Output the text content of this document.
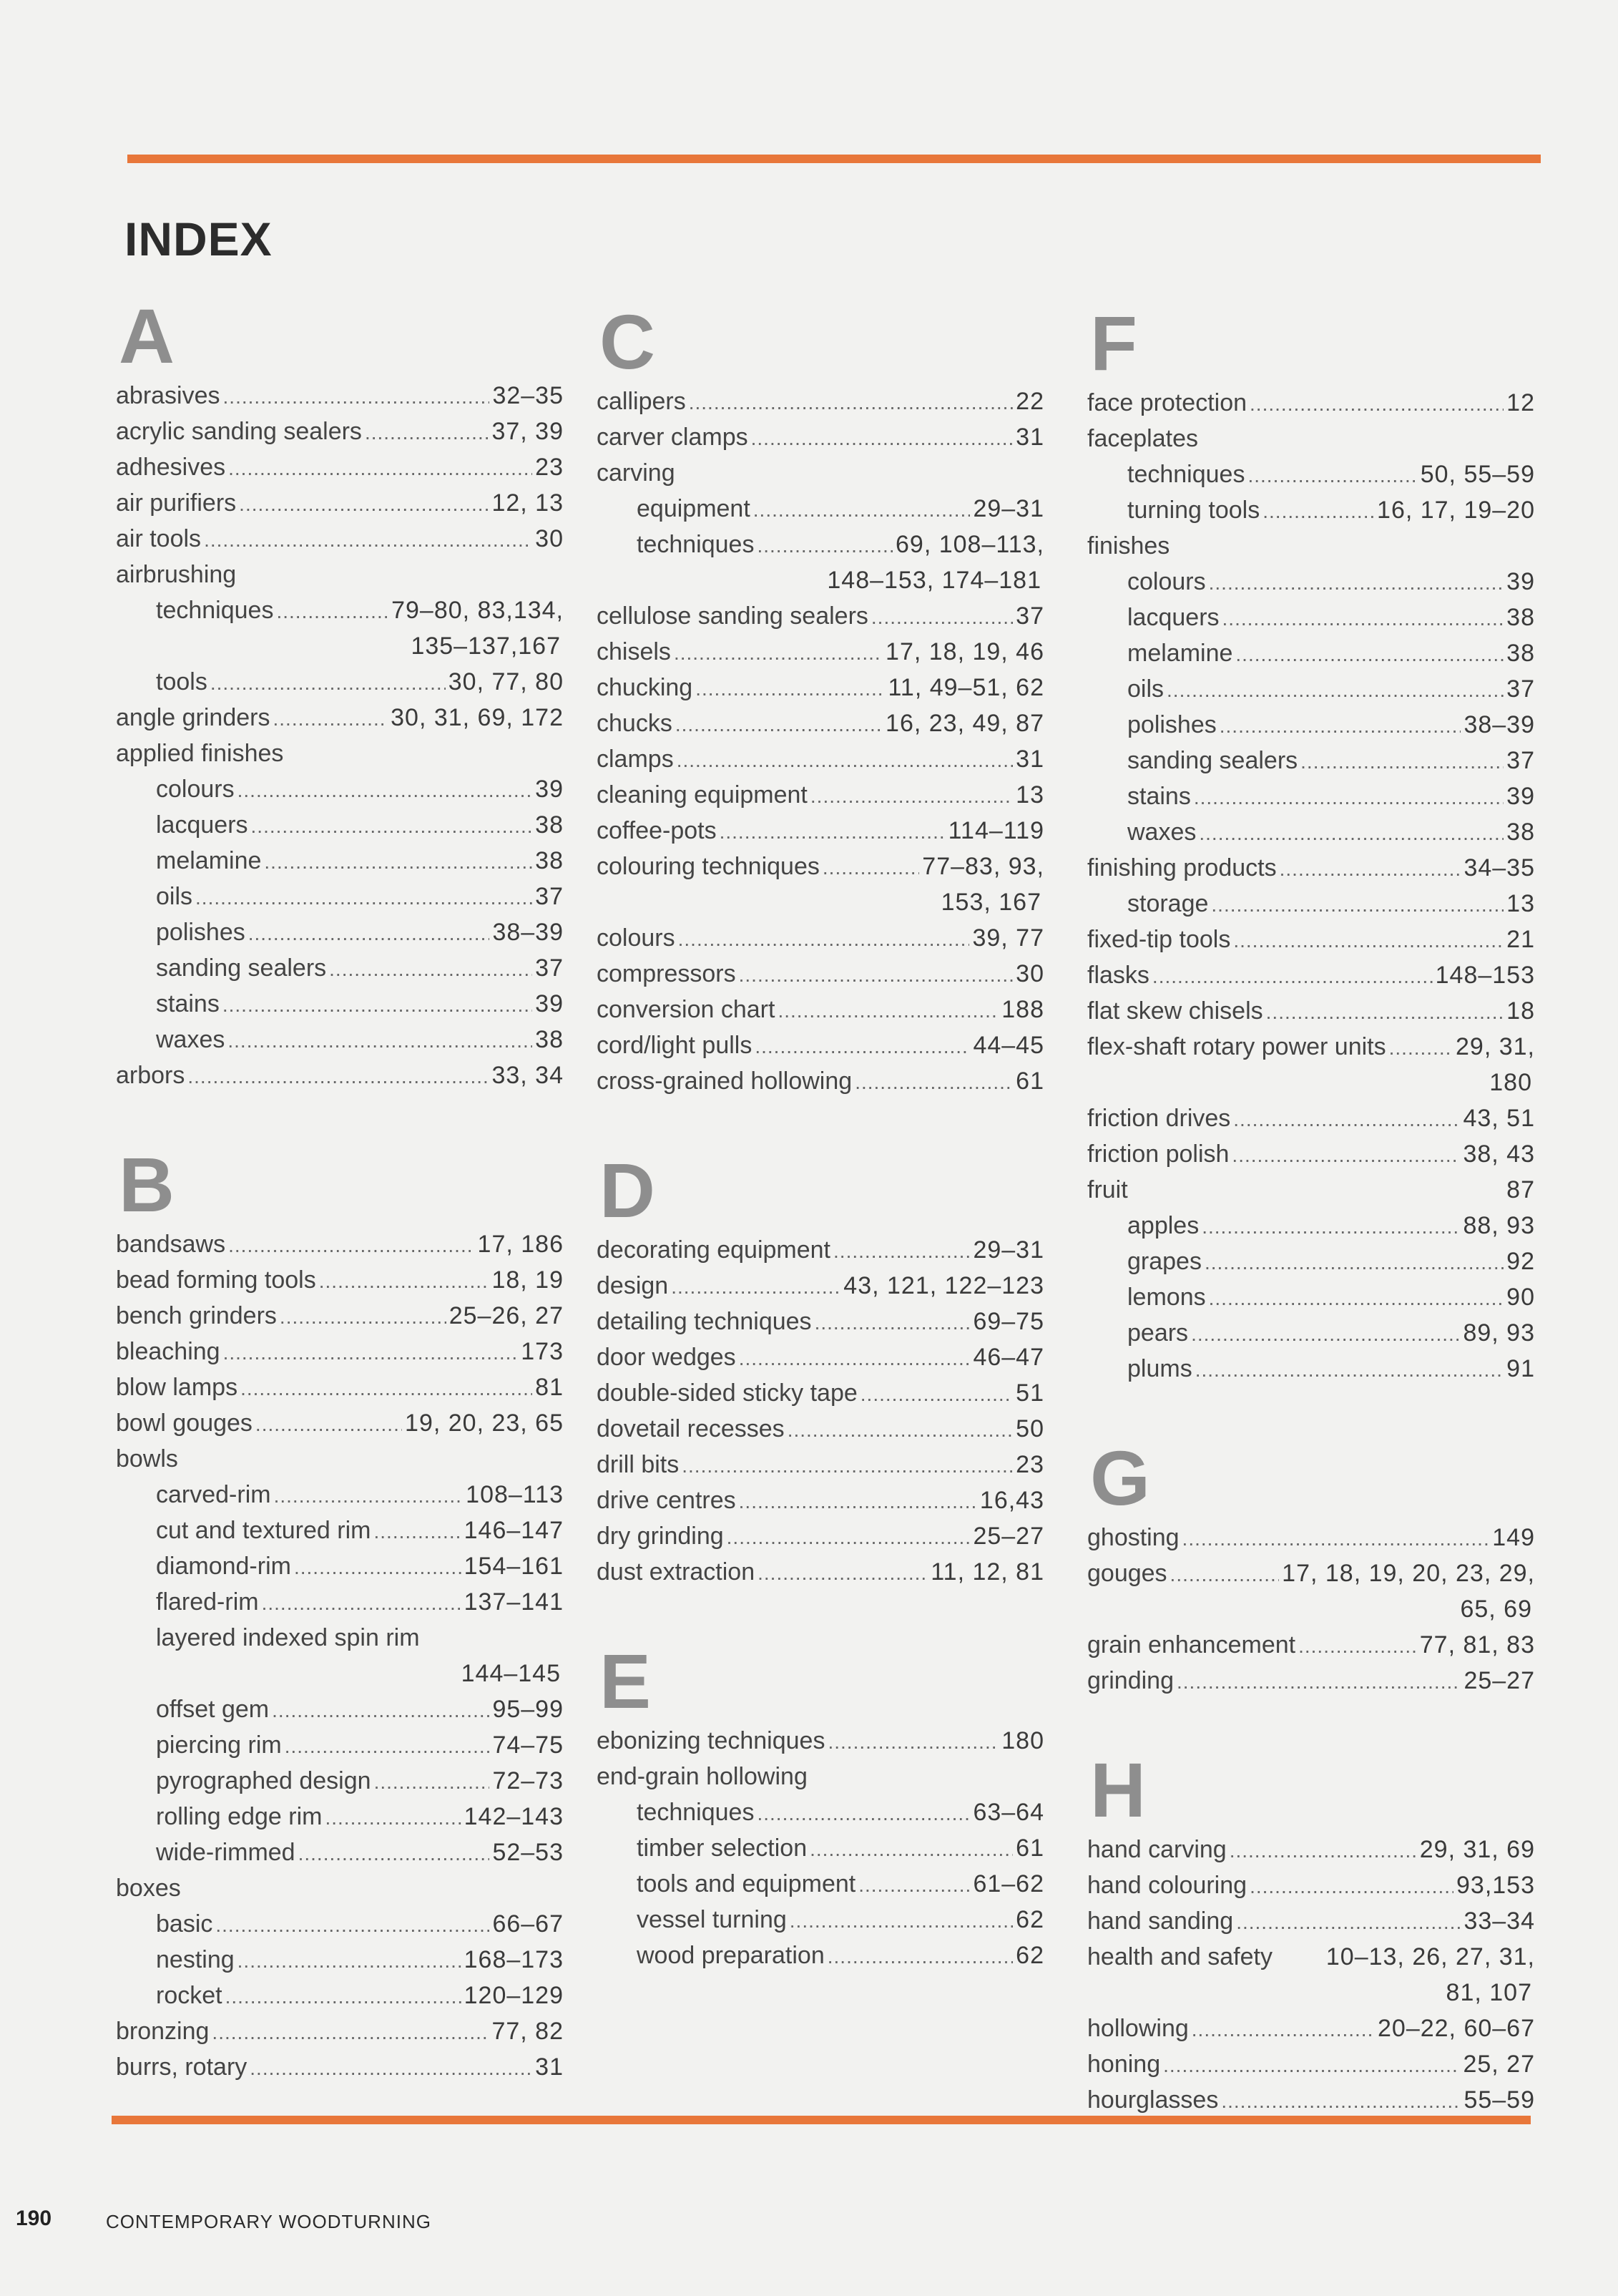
INDEX
A
abrasives .....	32–35
acrylic sanding sealers .....	37, 39
adhesives .....	23
air purifiers .....	12, 13
air tools .....	30
airbrushing
techniques .....	79–80, 83,134,
135–137,167
tools .....	30, 77, 80
angle grinders .....	30, 31, 69, 172
applied finishes
colours .....	39
lacquers .....	38
melamine .....	38
oils .....	37
polishes .....	38–39
sanding sealers .....	37
stains .....	39
waxes .....	38
arbors .....	33, 34
B
bandsaws .....	17, 186
bead forming tools .....	18, 19
bench grinders .....	25–26, 27
bleaching .....	173
blow lamps .....	81
bowl gouges .....	19, 20, 23, 65
bowls
carved-rim .....	108–113
cut and textured rim .....	146–147
diamond-rim .....	154–161
flared-rim .....	137–141
layered indexed spin rim
144–145
offset gem .....	95–99
piercing rim .....	74–75
pyrographed design .....	72–73
rolling edge rim .....	142–143
wide-rimmed .....	52–53
boxes
basic .....	66–67
nesting .....	168–173
rocket .....	120–129
bronzing .....	77, 82
burrs, rotary .....	31
C
callipers .....	22
carver clamps .....	31
carving
equipment .....	29–31
techniques .....	69, 108–113,
148–153, 174–181
cellulose sanding sealers .....	37
chisels .....	17, 18, 19, 46
chucking .....	11, 49–51, 62
chucks .....	16, 23, 49, 87
clamps .....	31
cleaning equipment .....	13
coffee-pots .....	114–119
colouring techniques .....	77–83, 93,
153, 167
colours .....	39, 77
compressors .....	30
conversion chart .....	188
cord/light pulls .....	44–45
cross-grained hollowing .....	61
D
decorating equipment .....	29–31
design .....	43, 121, 122–123
detailing techniques .....	69–75
door wedges .....	46–47
double-sided sticky tape .....	51
dovetail recesses .....	50
drill bits .....	23
drive centres .....	16,43
dry grinding .....	25–27
dust extraction .....	11, 12, 81
E
ebonizing techniques .....	180
end-grain hollowing
techniques .....	63–64
timber selection .....	61
tools and equipment .....	61–62
vessel turning .....	62
wood preparation .....	62
F
face protection .....	12
faceplates
techniques .....	50, 55–59
turning tools .....	16, 17, 19–20
finishes
colours .....	39
lacquers .....	38
melamine .....	38
oils .....	37
polishes .....	38–39
sanding sealers .....	37
stains .....	39
waxes .....	38
finishing products .....	34–35
storage .....	13
fixed-tip tools .....	21
flasks .....	148–153
flat skew chisels .....	18
flex-shaft rotary power units .....	29, 31,
180
friction drives .....	43, 51
friction polish .....	38, 43
fruit	87
apples .....	88, 93
grapes .....	92
lemons .....	90
pears .....	89, 93
plums .....	91
G
ghosting .....	149
gouges .....	17, 18, 19, 20, 23, 29,
65, 69
grain enhancement .....	77, 81, 83
grinding .....	25–27
H
hand carving .....	29, 31, 69
hand colouring .....	93,153
hand sanding .....	33–34
health and safety 10–13, 26, 27, 31,
81, 107
hollowing .....	20–22, 60–67
honing .....	25, 27
hourglasses .....	55–59
190	CONTEMPORARY WOODTURNING
